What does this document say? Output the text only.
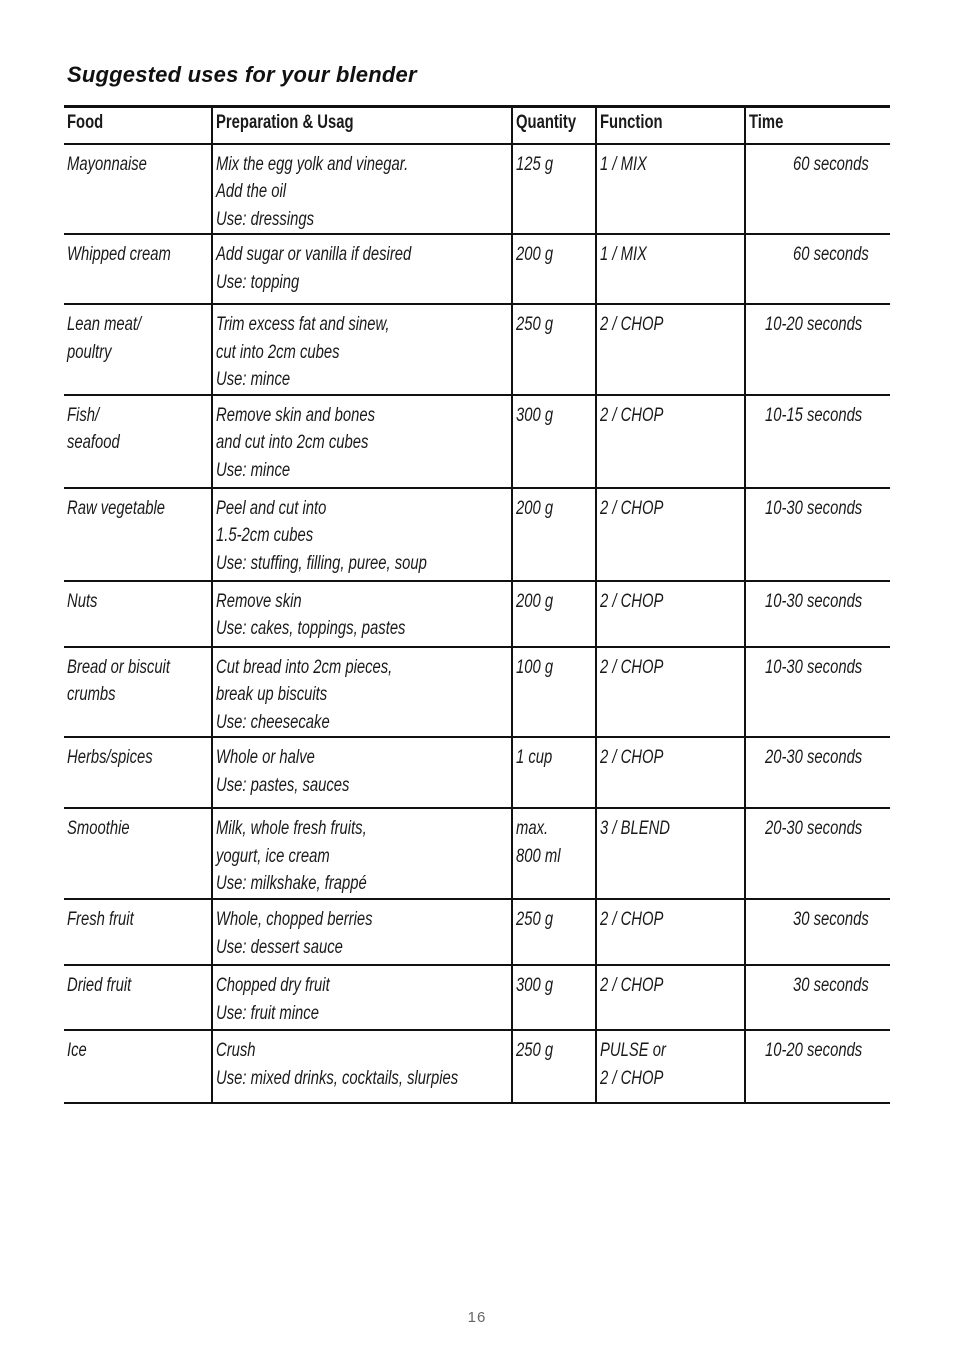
Suggested uses for your blender
Food	Preparation & Usag	Quantity	Function	Time

Mayonnaise	Mix the egg yolk and vinegar.
Add the oil
Use: dressings	125 g	1 / MIX	60 seconds

Whipped cream	Add sugar or vanilla if desired
Use: topping	200 g	1 / MIX	60 seconds

Lean meat/
poultry	Trim excess fat and sinew,
cut into 2cm cubes
Use: mince	250 g	2 / CHOP	10-20 seconds

Fish/
seafood	Remove skin and bones
and cut into 2cm cubes
Use: mince	300 g	2 / CHOP	10-15 seconds

Raw vegetable	Peel and cut into
1.5-2cm cubes
Use: stuffing, filling, puree, soup	200 g	2 / CHOP	10-30 seconds

Nuts	Remove skin
Use: cakes, toppings, pastes	200 g	2 / CHOP	10-30 seconds

Bread or biscuit
crumbs	Cut bread into 2cm pieces,
break up biscuits
Use: cheesecake	100 g	2 / CHOP	10-30 seconds

Herbs/spices	Whole or halve
Use: pastes, sauces	1 cup	2 / CHOP	20-30 seconds

Smoothie	Milk, whole fresh fruits,
yogurt, ice cream
Use: milkshake, frappé	max.
800 ml	3 / BLEND	20-30 seconds

Fresh fruit	Whole, chopped berries
Use: dessert sauce	250 g	2 / CHOP	30 seconds

Dried fruit	Chopped dry fruit
Use: fruit mince	300 g	2 / CHOP	30 seconds

Ice	Crush
Use: mixed drinks, cocktails, slurpies	250 g	PULSE or
2 / CHOP	10-20 seconds
16
